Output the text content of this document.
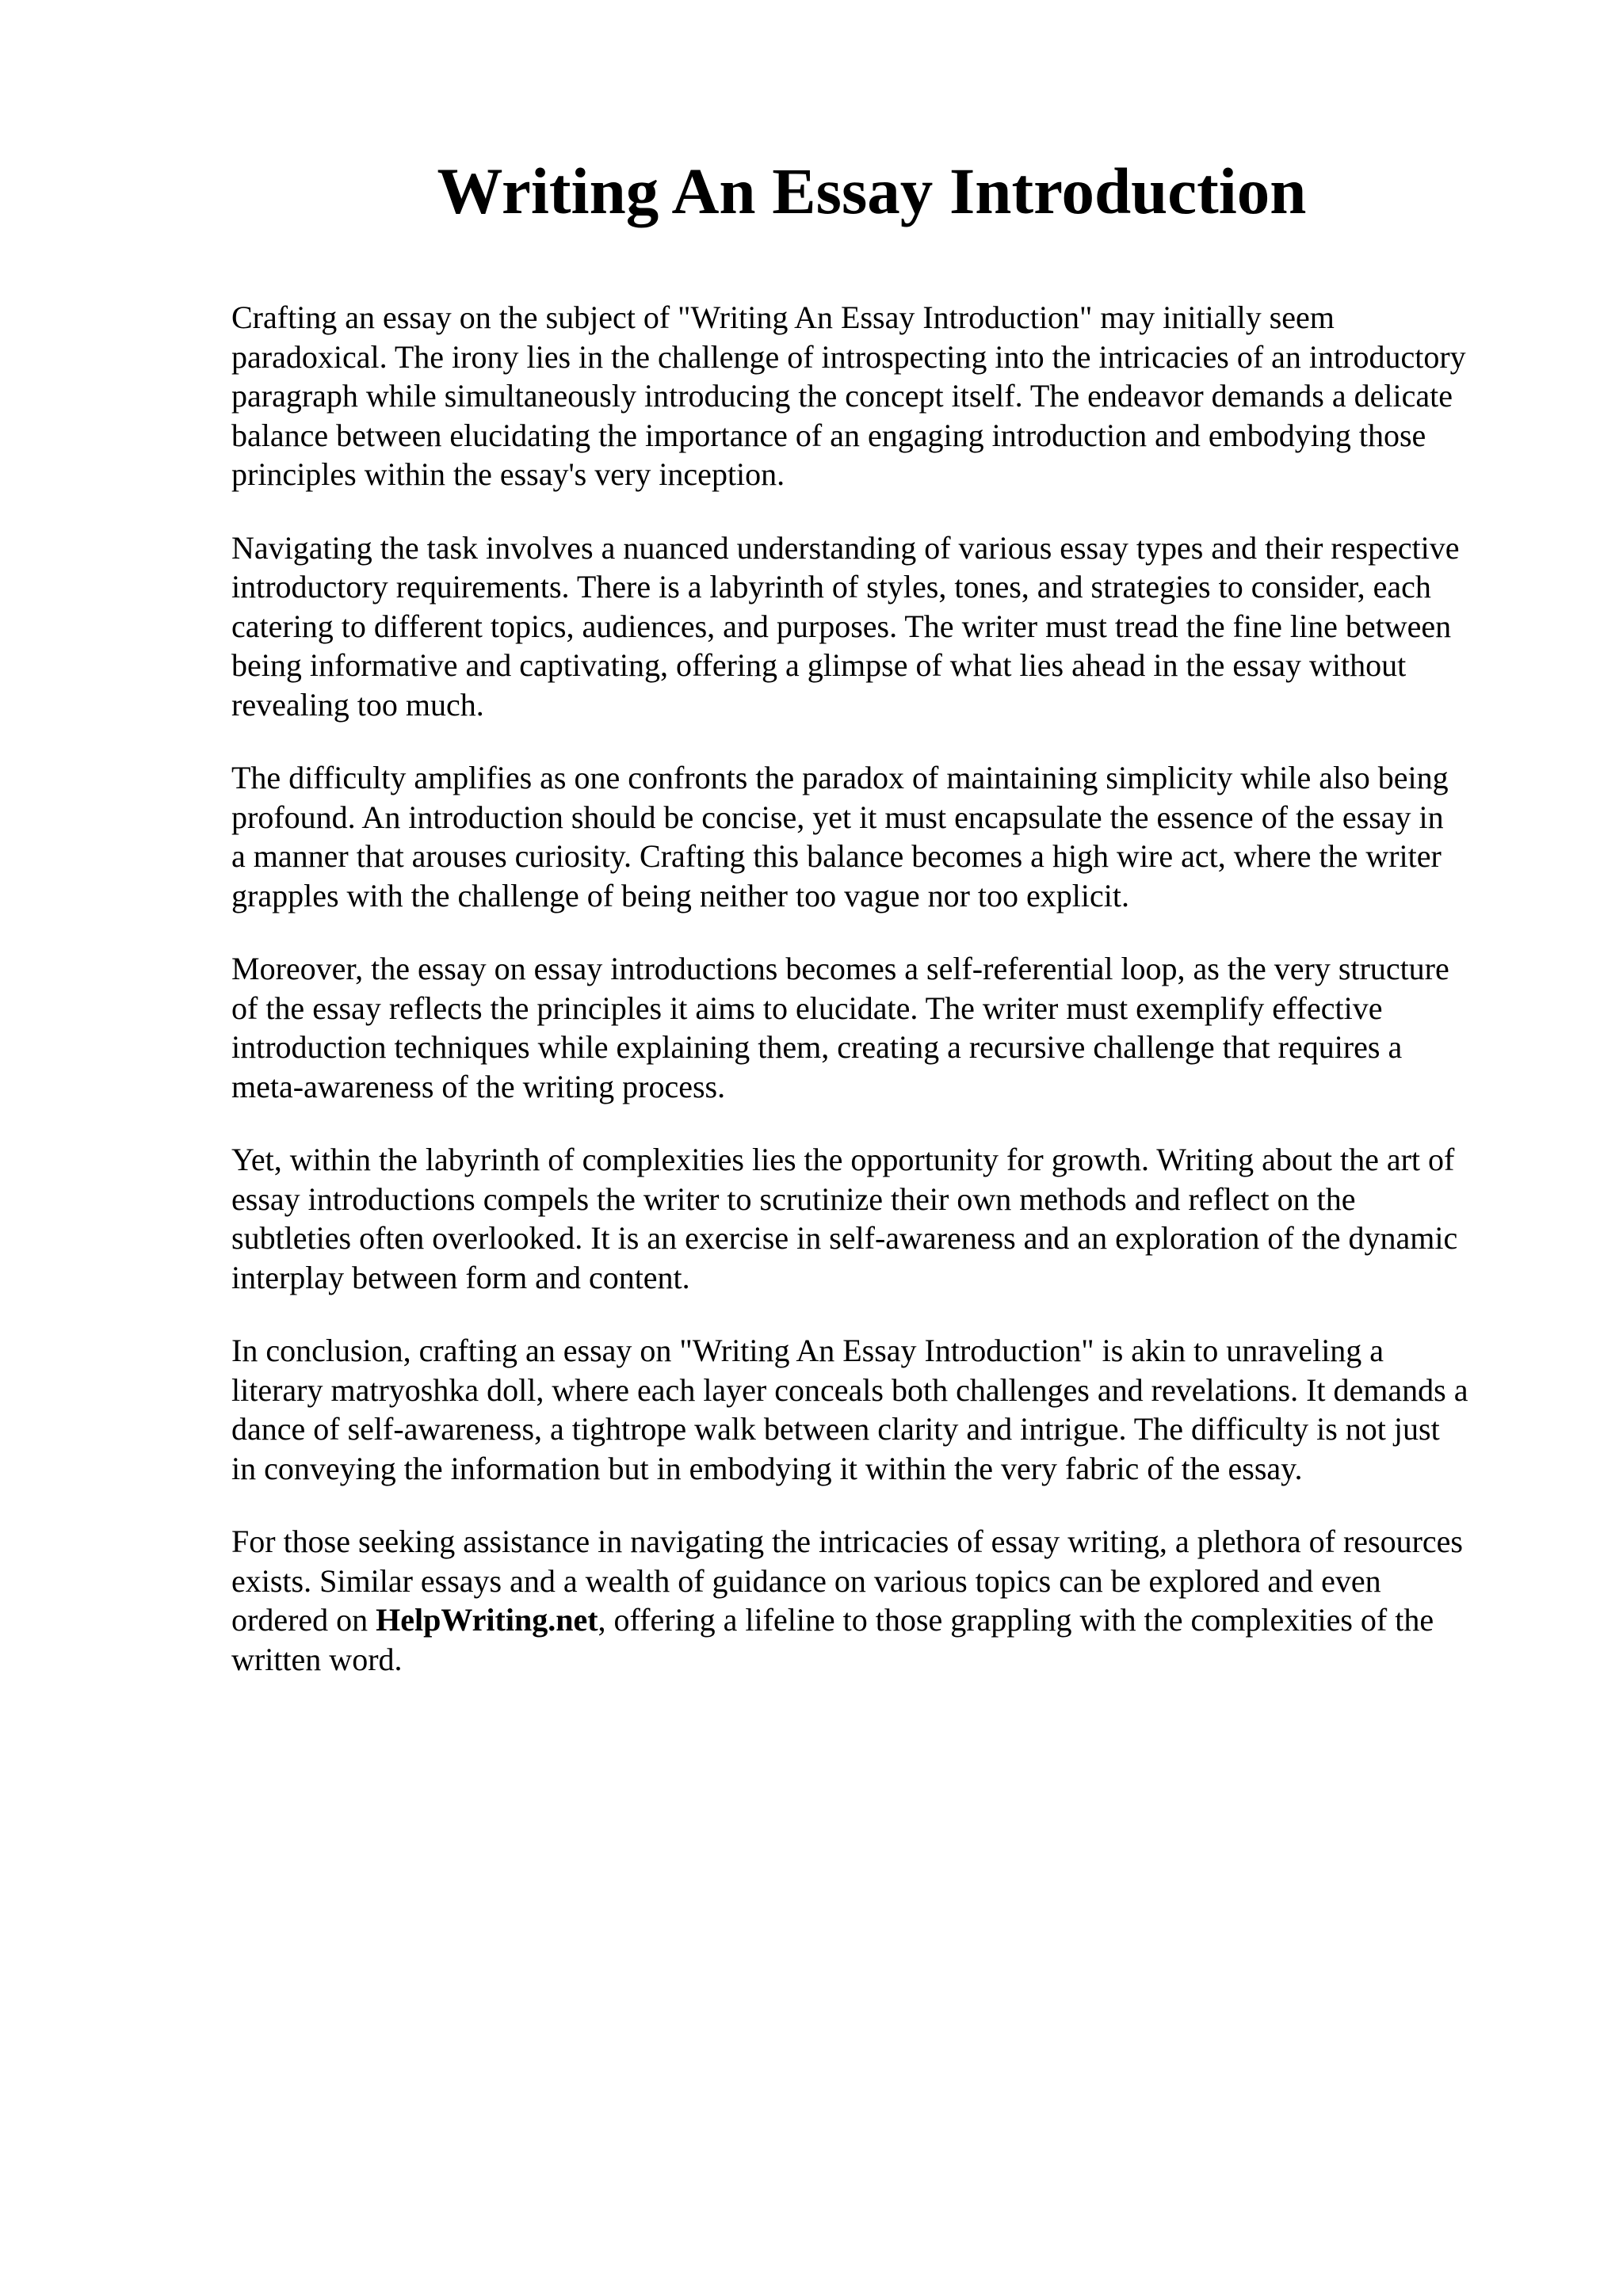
Writing An Essay Introduction

Crafting an essay on the subject of "Writing An Essay Introduction" may initially seem
paradoxical. The irony lies in the challenge of introspecting into the intricacies of an introductory
paragraph while simultaneously introducing the concept itself. The endeavor demands a delicate
balance between elucidating the importance of an engaging introduction and embodying those
principles within the essay's very inception.

Navigating the task involves a nuanced understanding of various essay types and their respective
introductory requirements. There is a labyrinth of styles, tones, and strategies to consider, each
catering to different topics, audiences, and purposes. The writer must tread the fine line between
being informative and captivating, offering a glimpse of what lies ahead in the essay without
revealing too much.

The difficulty amplifies as one confronts the paradox of maintaining simplicity while also being
profound. An introduction should be concise, yet it must encapsulate the essence of the essay in
a manner that arouses curiosity. Crafting this balance becomes a high wire act, where the writer
grapples with the challenge of being neither too vague nor too explicit.

Moreover, the essay on essay introductions becomes a self-referential loop, as the very structure
of the essay reflects the principles it aims to elucidate. The writer must exemplify effective
introduction techniques while explaining them, creating a recursive challenge that requires a
meta-awareness of the writing process.

Yet, within the labyrinth of complexities lies the opportunity for growth. Writing about the art of
essay introductions compels the writer to scrutinize their own methods and reflect on the
subtleties often overlooked. It is an exercise in self-awareness and an exploration of the dynamic
interplay between form and content.

In conclusion, crafting an essay on "Writing An Essay Introduction" is akin to unraveling a
literary matryoshka doll, where each layer conceals both challenges and revelations. It demands a
dance of self-awareness, a tightrope walk between clarity and intrigue. The difficulty is not just
in conveying the information but in embodying it within the very fabric of the essay.

For those seeking assistance in navigating the intricacies of essay writing, a plethora of resources
exists. Similar essays and a wealth of guidance on various topics can be explored and even
ordered on HelpWriting.net, offering a lifeline to those grappling with the complexities of the
written word.
